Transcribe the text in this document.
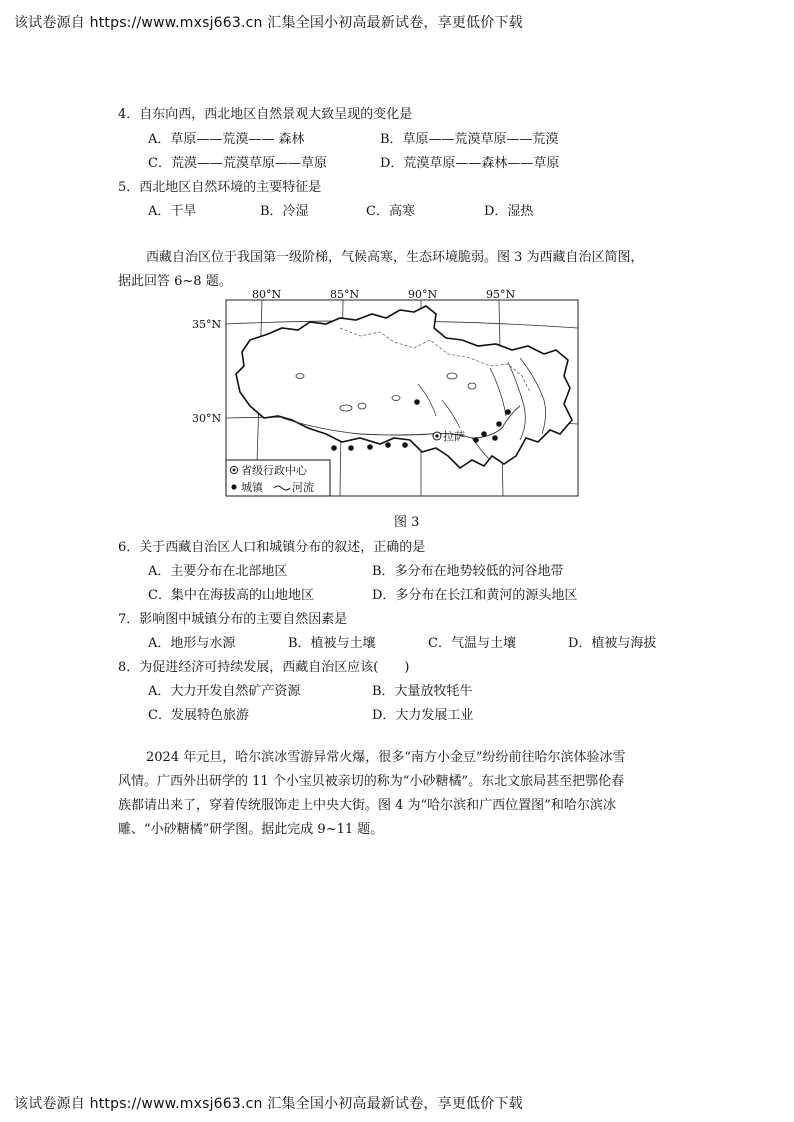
该试卷源自 https://www.mxsj663.cn 汇集全国小初高最新试卷，享更低价下载
4．自东向西，西北地区自然景观大致呈现的变化是
A．草原——荒漠—— 森林	B．草原——荒漠草原——荒漠
C．荒漠——荒漠草原——草原	D．荒漠草原——森林——草原
5．西北地区自然环境的主要特征是
A．干旱	B．冷湿	C．高寒	D．湿热

西藏自治区位于我国第一级阶梯，气候高寒，生态环境脆弱。图 3 为西藏自治区简图，

据此回答 6~8 题。

拉萨
80°N	85°N	90°N	95°N
35°N
30°N
省级行政中心
城镇	河流
图 3
6．关于西藏自治区人口和城镇分布的叙述，正确的是
A．主要分布在北部地区	B．多分布在地势较低的河谷地带
C．集中在海拔高的山地地区	D．多分布在长江和黄河的源头地区
7．影响图中城镇分布的主要自然因素是
A．地形与水源	B．植被与土壤	C．气温与土壤	D．植被与海拔
8．为促进经济可持续发展，西藏自治区应该(　　)
A．大力开发自然矿产资源	B．大量放牧牦牛
C．发展特色旅游	D．大力发展工业

2024 年元旦，哈尔滨冰雪游异常火爆，很多“南方小金豆”纷纷前往哈尔滨体验冰雪

风情。广西外出研学的 11 个小宝贝被亲切的称为“小砂糖橘”。东北文旅局甚至把鄂伦春

族都请出来了，穿着传统服饰走上中央大街。图 4 为“哈尔滨和广西位置图”和哈尔滨冰

雕、“小砂糖橘”研学图。据此完成 9~11 题。

该试卷源自 https://www.mxsj663.cn 汇集全国小初高最新试卷，享更低价下载
